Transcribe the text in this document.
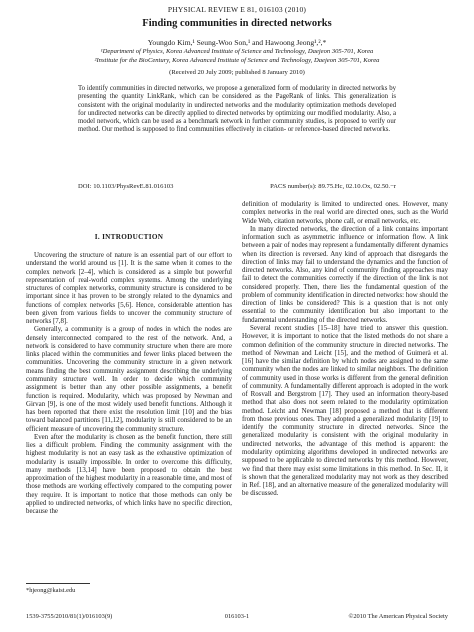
PHYSICAL REVIEW E 81, 016103 (2010)
Finding communities in directed networks
Youngdo Kim,¹ Seung-Woo Son,¹ and Hawoong Jeong¹,²,*
¹Department of Physics, Korea Advanced Institute of Science and Technology, Daejeon 305-701, Korea
²Institute for the BioCentury, Korea Advanced Institute of Science and Technology, Daejeon 305-701, Korea
(Received 20 July 2009; published 8 January 2010)
To identify communities in directed networks, we propose a generalized form of modularity in directed networks by presenting the quantity LinkRank, which can be considered as the PageRank of links. This generalization is consistent with the original modularity in undirected networks and the modularity optimization methods developed for undirected networks can be directly applied to directed networks by optimizing our modified modularity. Also, a model network, which can be used as a benchmark network in further community studies, is proposed to verify our method. Our method is supposed to find communities effectively in citation- or reference-based directed networks.
DOI: 10.1103/PhysRevE.81.016103	PACS number(s): 89.75.Hc, 02.10.Ox, 02.50.−r
I. INTRODUCTION

Uncovering the structure of nature is an essential part of our effort to understand the world around us [1]. It is the same when it comes to the complex network [2–4], which is considered as a simple but powerful representation of real-world complex systems. Among the underlying structures of complex networks, community structure is considered to be important since it has proven to be strongly related to the dynamics and functions of complex networks [5,6]. Hence, considerable attention has been given from various fields to uncover the community structure of networks [7,8].

Generally, a community is a group of nodes in which the nodes are densely interconnected compared to the rest of the network. And, a network is considered to have community structure when there are more links placed within the communities and fewer links placed between the communities. Uncovering the community structure in a given network means finding the best community assignment describing the underlying community structure well. In order to decide which community assignment is better than any other possible assignments, a benefit function is required. Modularity, which was proposed by Newman and Girvan [9], is one of the most widely used benefit functions. Although it has been reported that there exist the resolution limit [10] and the bias toward balanced partitions [11,12], modularity is still considered to be an efficient measure of uncovering the community structure.

Even after the modularity is chosen as the benefit function, there still lies a difficult problem. Finding the community assignment with the highest modularity is not an easy task as the exhaustive optimization of modularity is usually impossible. In order to overcome this difficulty, many methods [13,14] have been proposed to obtain the best approximation of the highest modularity in a reasonable time, and most of those methods are working effectively compared to the computing power they require. It is important to notice that those methods can only be applied to undirected networks, of which links have no specific direction, because the

definition of modularity is limited to undirected ones. However, many complex networks in the real world are directed ones, such as the World Wide Web, citation networks, phone call, or email networks, etc.

In many directed networks, the direction of a link contains important information such as asymmetric influence or information flow. A link between a pair of nodes may represent a fundamentally different dynamics when its direction is reversed. Any kind of approach that disregards the direction of links may fail to understand the dynamics and the function of directed networks. Also, any kind of community finding approaches may fail to detect the communities correctly if the direction of the link is not considered properly. Then, there lies the fundamental question of the problem of community identification in directed networks: how should the direction of links be considered? This is a question that is not only essential to the community identification but also important to the fundamental understanding of the directed networks.

Several recent studies [15–18] have tried to answer this question. However, it is important to notice that the listed methods do not share a common definition of the community structure in directed networks. The method of Newman and Leicht [15], and the method of Guimerà et al. [16] have the similar definition by which nodes are assigned to the same community when the nodes are linked to similar neighbors. The definition of community used in those works is different from the general definition of community. A fundamentally different approach is adopted in the work of Rosvall and Bergstrom [17]. They used an information theory-based method that also does not seem related to the modularity optimization method. Leicht and Newman [18] proposed a method that is different from those previous ones. They adopted a generalized modularity [19] to identify the community structure in directed networks. Since the generalized modularity is consistent with the original modularity in undirected networks, the advantage of this method is apparent: the modularity optimizing algorithms developed in undirected networks are supposed to be applicable to directed networks by this method. However, we find that there may exist some limitations in this method. In Sec. II, it is shown that the generalized modularity may not work as they described in Ref. [18], and an alternative measure of the generalized modularity will be discussed.

*hjeong@kaist.edu
1539-3755/2010/81(1)/016103(9)	016103-1	©2010 The American Physical Society
